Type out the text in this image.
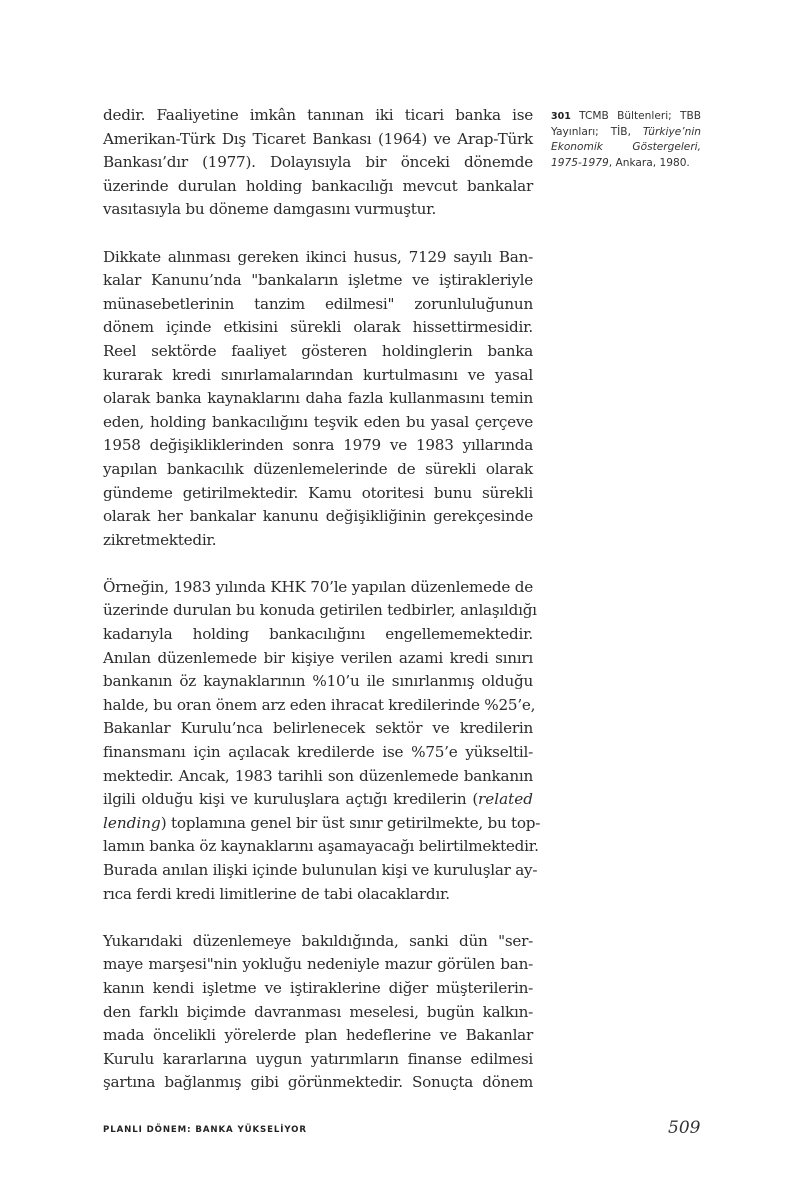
dedir. Faaliyetine imkân tanınan iki ticari banka ise
Amerikan-Türk Dış Ticaret Bankası (1964) ve Arap-Türk
Bankası’dır (1977). Dolayısıyla bir önceki dönemde
üzerinde durulan holding bankacılığı mevcut bankalar
vasıtasıyla bu döneme damgasını vurmuştur.
Dikkate alınması gereken ikinci husus, 7129 sayılı Ban-
kalar Kanunu’nda "bankaların işletme ve iştirakleriyle
münasebetlerinin tanzim edilmesi" zorunluluğunun
dönem içinde etkisini sürekli olarak hissettirmesidir.
Reel sektörde faaliyet gösteren holdinglerin banka
kurarak kredi sınırlamalarından kurtulmasını ve yasal
olarak banka kaynaklarını daha fazla kullanmasını temin
eden, holding bankacılığını teşvik eden bu yasal çerçeve
1958 değişikliklerinden sonra 1979 ve 1983 yıllarında
yapılan bankacılık düzenlemelerinde de sürekli olarak
gündeme getirilmektedir. Kamu otoritesi bunu sürekli
olarak her bankalar kanunu değişikliğinin gerekçesinde
zikretmektedir.
Örneğin, 1983 yılında KHK 70’le yapılan düzenlemede de
üzerinde durulan bu konuda getirilen tedbirler, anlaşıldığı
kadarıyla holding bankacılığını engellememektedir.
Anılan düzenlemede bir kişiye verilen azami kredi sınırı
bankanın öz kaynaklarının %10’u ile sınırlanmış olduğu
halde, bu oran önem arz eden ihracat kredilerinde %25’e,
Bakanlar Kurulu’nca belirlenecek sektör ve kredilerin
finansmanı için açılacak kredilerde ise %75’e yükseltil-
mektedir. Ancak, 1983 tarihli son düzenlemede bankanın
ilgili olduğu kişi ve kuruluşlara açtığı kredilerin (related
lending) toplamına genel bir üst sınır getirilmekte, bu top-
lamın banka öz kaynaklarını aşamayacağı belirtilmektedir.
Burada anılan ilişki içinde bulunulan kişi ve kuruluşlar ay-
rıca ferdi kredi limitlerine de tabi olacaklardır.
Yukarıdaki düzenlemeye bakıldığında, sanki dün "ser-
maye marşesi"nin yokluğu nedeniyle mazur görülen ban-
kanın kendi işletme ve iştiraklerine diğer müşterilerin-
den farklı biçimde davranması meselesi, bugün kalkın-
mada öncelikli yörelerde plan hedeflerine ve Bakanlar
Kurulu kararlarına uygun yatırımların finanse edilmesi
şartına bağlanmış gibi görünmektedir. Sonuçta dönem
301 TCMB Bültenleri; TBB
Yayınları; TİB, Türkiye’nin
Ekonomik Göstergeleri,
1975-1979, Ankara, 1980.
PLANLI DÖNEM: BANKA YÜKSELİYOR	509
